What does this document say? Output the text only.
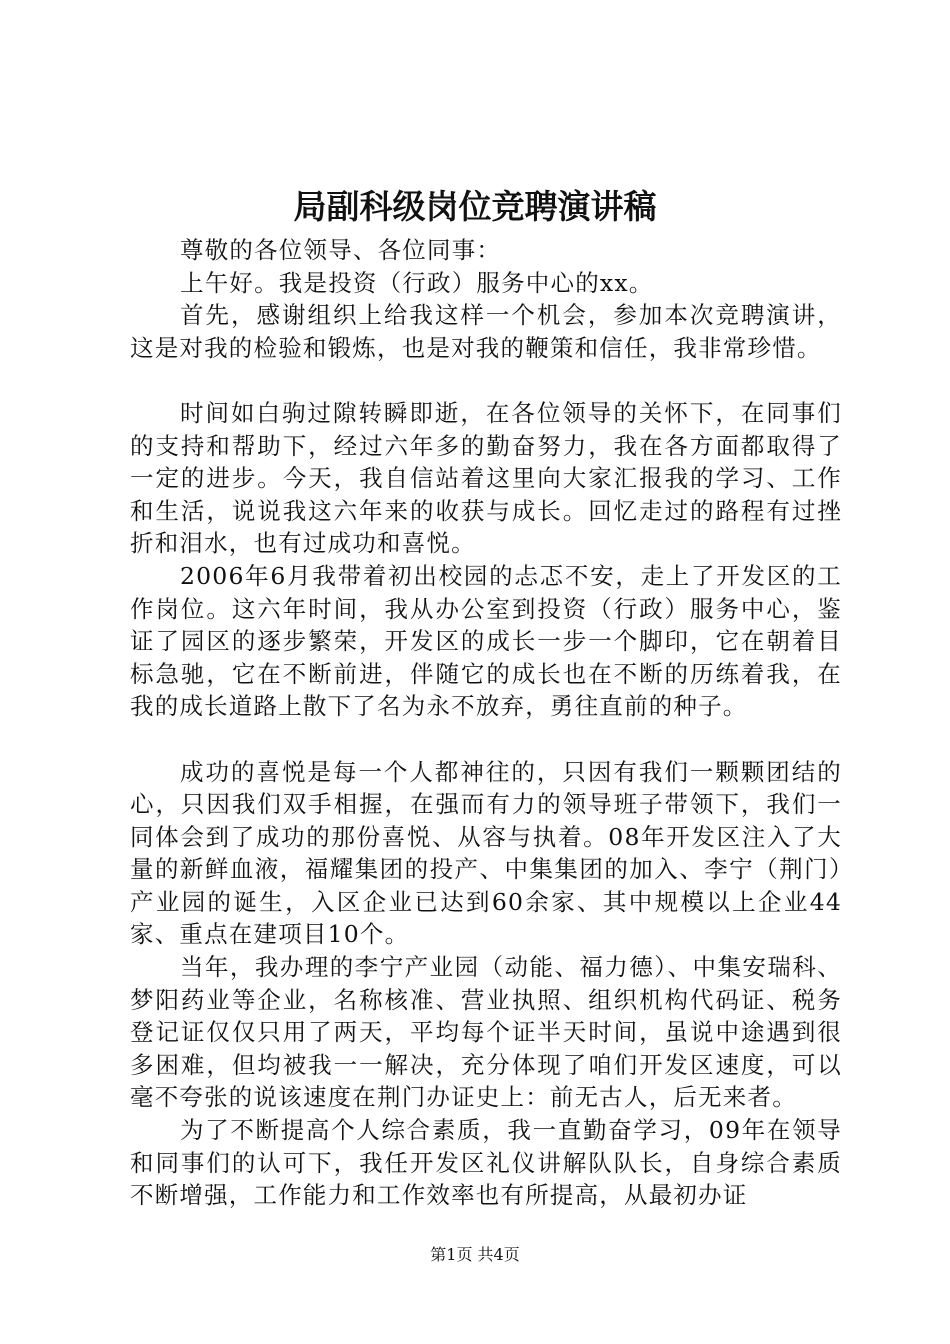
局副科级岗位竞聘演讲稿

尊敬的各位领导、各位同事：

上午好。我是投资（行政）服务中心的xx。

首先，感谢组织上给我这样一个机会，参加本次竞聘演讲，这是对我的检验和锻炼，也是对我的鞭策和信任，我非常珍惜。

时间如白驹过隙转瞬即逝，在各位领导的关怀下，在同事们的支持和帮助下，经过六年多的勤奋努力，我在各方面都取得了一定的进步。今天，我自信站着这里向大家汇报我的学习、工作和生活，说说我这六年来的收获与成长。回忆走过的路程有过挫折和泪水，也有过成功和喜悦。

2006年6月我带着初出校园的忐忑不安，走上了开发区的工作岗位。这六年时间，我从办公室到投资（行政）服务中心，鉴证了园区的逐步繁荣，开发区的成长一步一个脚印，它在朝着目标急驰，它在不断前进，伴随它的成长也在不断的历练着我，在我的成长道路上散下了名为永不放弃，勇往直前的种子。

成功的喜悦是每一个人都神往的，只因有我们一颗颗团结的心，只因我们双手相握，在强而有力的领导班子带领下，我们一同体会到了成功的那份喜悦、从容与执着。08年开发区注入了大量的新鲜血液，福耀集团的投产、中集集团的加入、李宁（荆门）产业园的诞生，入区企业已达到60余家、其中规模以上企业44家、重点在建项目10个。

当年，我办理的李宁产业园（动能、福力德）、中集安瑞科、梦阳药业等企业，名称核准、营业执照、组织机构代码证、税务登记证仅仅只用了两天，平均每个证半天时间，虽说中途遇到很多困难，但均被我一一解决，充分体现了咱们开发区速度，可以毫不夸张的说该速度在荆门办证史上：前无古人，后无来者。

为了不断提高个人综合素质，我一直勤奋学习，09年在领导和同事们的认可下，我任开发区礼仪讲解队队长，自身综合素质不断增强，工作能力和工作效率也有所提高，从最初办证

第1页 共4页
